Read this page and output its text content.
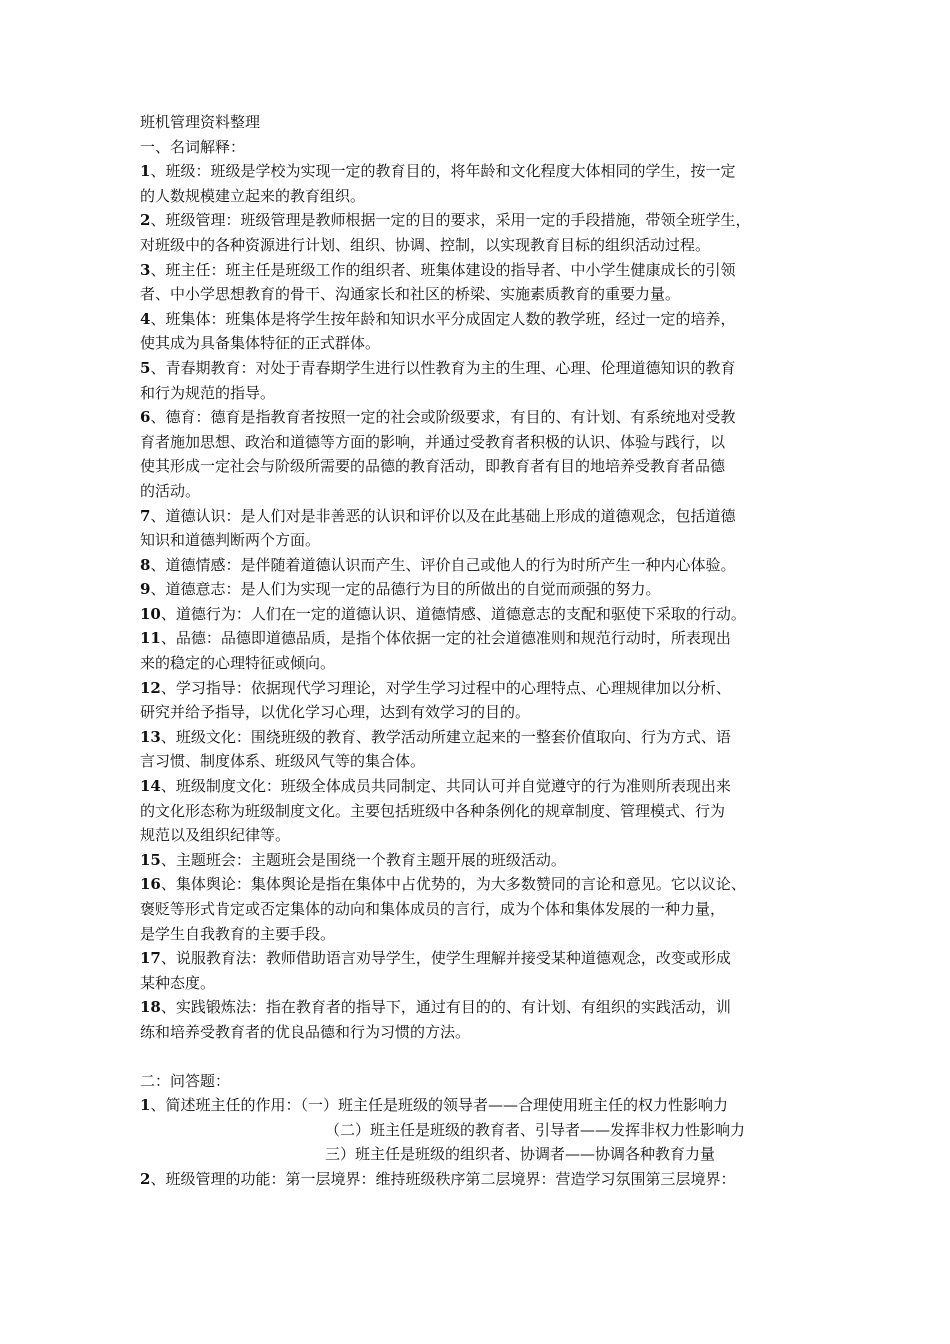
班机管理资料整理
一、名词解释：
1、班级：班级是学校为实现一定的教育目的，将年龄和文化程度大体相同的学生，按一定
的人数规模建立起来的教育组织。
2、班级管理：班级管理是教师根据一定的目的要求，采用一定的手段措施，带领全班学生，
对班级中的各种资源进行计划、组织、协调、控制，以实现教育目标的组织活动过程。
3、班主任：班主任是班级工作的组织者、班集体建设的指导者、中小学生健康成长的引领
者、中小学思想教育的骨干、沟通家长和社区的桥梁、实施素质教育的重要力量。
4、班集体：班集体是将学生按年龄和知识水平分成固定人数的教学班，经过一定的培养，
使其成为具备集体特征的正式群体。
5、青春期教育：对处于青春期学生进行以性教育为主的生理、心理、伦理道德知识的教育
和行为规范的指导。
6、德育：德育是指教育者按照一定的社会或阶级要求，有目的、有计划、有系统地对受教
育者施加思想、政治和道德等方面的影响，并通过受教育者积极的认识、体验与践行，以
使其形成一定社会与阶级所需要的品德的教育活动，即教育者有目的地培养受教育者品德
的活动。
7、道德认识：是人们对是非善恶的认识和评价以及在此基础上形成的道德观念，包括道德
知识和道德判断两个方面。
8、道德情感：是伴随着道德认识而产生、评价自己或他人的行为时所产生一种内心体验。
9、道德意志：是人们为实现一定的品德行为目的所做出的自觉而顽强的努力。
10、道德行为：人们在一定的道德认识、道德情感、道德意志的支配和驱使下采取的行动。
11、品德：品德即道德品质，是指个体依据一定的社会道德准则和规范行动时，所表现出
来的稳定的心理特征或倾向。
12、学习指导：依据现代学习理论，对学生学习过程中的心理特点、心理规律加以分析、
研究并给予指导，以优化学习心理，达到有效学习的目的。
13、班级文化：围绕班级的教育、教学活动所建立起来的一整套价值取向、行为方式、语
言习惯、制度体系、班级风气等的集合体。
14、班级制度文化：班级全体成员共同制定、共同认可并自觉遵守的行为准则所表现出来
的文化形态称为班级制度文化。主要包括班级中各种条例化的规章制度、管理模式、行为
规范以及组织纪律等。
15、主题班会：主题班会是围绕一个教育主题开展的班级活动。
16、集体舆论：集体舆论是指在集体中占优势的，为大多数赞同的言论和意见。它以议论、
褒贬等形式肯定或否定集体的动向和集体成员的言行，成为个体和集体发展的一种力量，
是学生自我教育的主要手段。
17、说服教育法：教师借助语言劝导学生，使学生理解并接受某种道德观念，改变或形成
某种态度。
18、实践锻炼法：指在教育者的指导下，通过有目的的、有计划、有组织的实践活动，训
练和培养受教育者的优良品德和行为习惯的方法。
二：问答题：
1、简述班主任的作用：（一）班主任是班级的领导者——合理使用班主任的权力性影响力
（二）班主任是班级的教育者、引导者——发挥非权力性影响力
三）班主任是班级的组织者、协调者——协调各种教育力量
2、班级管理的功能：第一层境界：维持班级秩序第二层境界：营造学习氛围第三层境界：
